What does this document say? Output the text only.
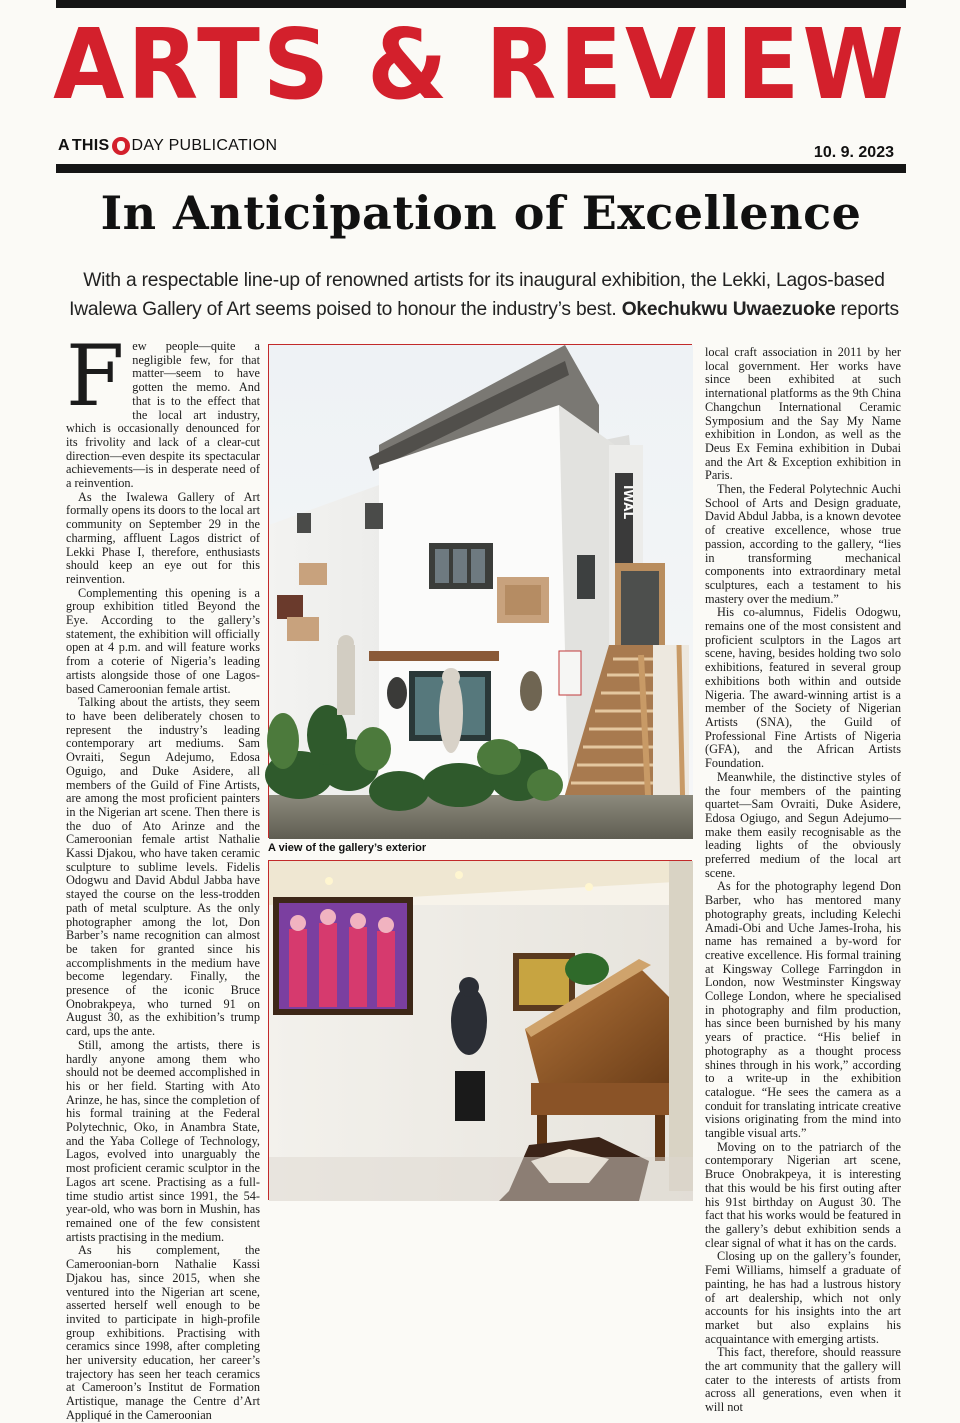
ARTS & REVIEW
A THIS DAY PUBLICATION	10. 9. 2023
In Anticipation of Excellence
With a respectable line-up of renowned artists for its inaugural exhibition, the Lekki, Lagos-based Iwalewa Gallery of Art seems poised to honour the industry’s best. Okechukwu Uwaezuoke reports

Few people—quite a negligible few, for that matter—seem to have gotten the memo. And that is to the effect that the local art industry, which is occasionally denounced for its frivolity and lack of a clear-cut direction—even despite its spectacular achievements—is in desperate need of a reinvention.

As the Iwalewa Gallery of Art formally opens its doors to the local art community on September 29 in the charming, affluent Lagos district of Lekki Phase I, therefore, enthusiasts should keep an eye out for this reinvention.

Complementing this opening is a group exhibition titled Beyond the Eye. According to the gallery’s statement, the exhibition will officially open at 4 p.m. and will feature works from a coterie of Nigeria’s leading artists alongside those of one Lagos-based Cameroonian female artist.

Talking about the artists, they seem to have been deliberately chosen to represent the industry’s leading contemporary art mediums. Sam Ovraiti, Segun Adejumo, Edosa Oguigo, and Duke Asidere, all members of the Guild of Fine Artists, are among the most proficient painters in the Nigerian art scene. Then there is the duo of Ato Arinze and the Cameroonian female artist Nathalie Kassi Djakou, who have taken ceramic sculpture to sublime levels. Fidelis Odogwu and David Abdul Jabba have stayed the course on the less-trodden path of metal sculpture. As the only photographer among the lot, Don Barber’s name recognition can almost be taken for granted since his accomplishments in the medium have become legendary. Finally, the presence of the iconic Bruce Onobrakpeya, who turned 91 on August 30, as the exhibition’s trump card, ups the ante.

Still, among the artists, there is hardly anyone among them who should not be deemed accomplished in his or her field. Starting with Ato Arinze, he has, since the completion of his formal training at the Federal Polytechnic, Oko, in Anambra State, and the Yaba College of Technology, Lagos, evolved into unarguably the most proficient ceramic sculptor in the Lagos art scene. Practising as a full-time studio artist since 1991, the 54-year-old, who was born in Mushin, has remained one of the few consistent artists practising in the medium.

As his complement, the Cameroonian-born Nathalie Kassi Djakou has, since 2015, when she ventured into the Nigerian art scene, asserted herself well enough to be invited to participate in high-profile group exhibitions. Practising with ceramics since 1998, after completing her university education, her career’s trajectory has seen her teach ceramics at Cameroon’s Institut de Formation Artistique, manage the Centre d’Art Appliqué in the Cameroonian

IWAL
A view of the gallery’s exterior

local craft association in 2011 by her local government. Her works have since been exhibited at such international platforms as the 9th China Changchun International Ceramic Symposium and the Say My Name exhibition in London, as well as the Deus Ex Femina exhibition in Dubai and the Art & Exception exhibition in Paris.

Then, the Federal Polytechnic Auchi School of Arts and Design graduate, David Abdul Jabba, is a known devotee of creative excellence, whose true passion, according to the gallery, “lies in transforming mechanical components into extraordinary metal sculptures, each a testament to his mastery over the medium.”

His co-alumnus, Fidelis Odogwu, remains one of the most consistent and proficient sculptors in the Lagos art scene, having, besides holding two solo exhibitions, featured in several group exhibitions both within and outside Nigeria. The award-winning artist is a member of the Society of Nigerian Artists (SNA), the Guild of Professional Fine Artists of Nigeria (GFA), and the African Artists Foundation.

Meanwhile, the distinctive styles of the four members of the painting quartet—Sam Ovraiti, Duke Asidere, Edosa Ogiugo, and Segun Adejumo—make them easily recognisable as the leading lights of the obviously preferred medium of the local art scene.

As for the photography legend Don Barber, who has mentored many photography greats, including Kelechi Amadi-Obi and Uche James-Iroha, his name has remained a by-word for creative excellence. His formal training at Kingsway College Farringdon in London, now Westminster Kingsway College London, where he specialised in photography and film production, has since been burnished by his many years of practice. “His belief in photography as a thought process shines through in his work,” according to a write-up in the exhibition catalogue. “He sees the camera as a conduit for translating intricate creative visions originating from the mind into tangible visual arts.”

Moving on to the patriarch of the contemporary Nigerian art scene, Bruce Onobrakpeya, it is interesting that this would be his first outing after his 91st birthday on August 30. The fact that his works would be featured in the gallery’s debut exhibition sends a clear signal of what it has on the cards.

Closing up on the gallery’s founder, Femi Williams, himself a graduate of painting, he has had a lustrous history of art dealership, which not only accounts for his insights into the art market but also explains his acquaintance with emerging artists.

This fact, therefore, should reassure the art community that the gallery will cater to the interests of artists from across all generations, even when it will not
